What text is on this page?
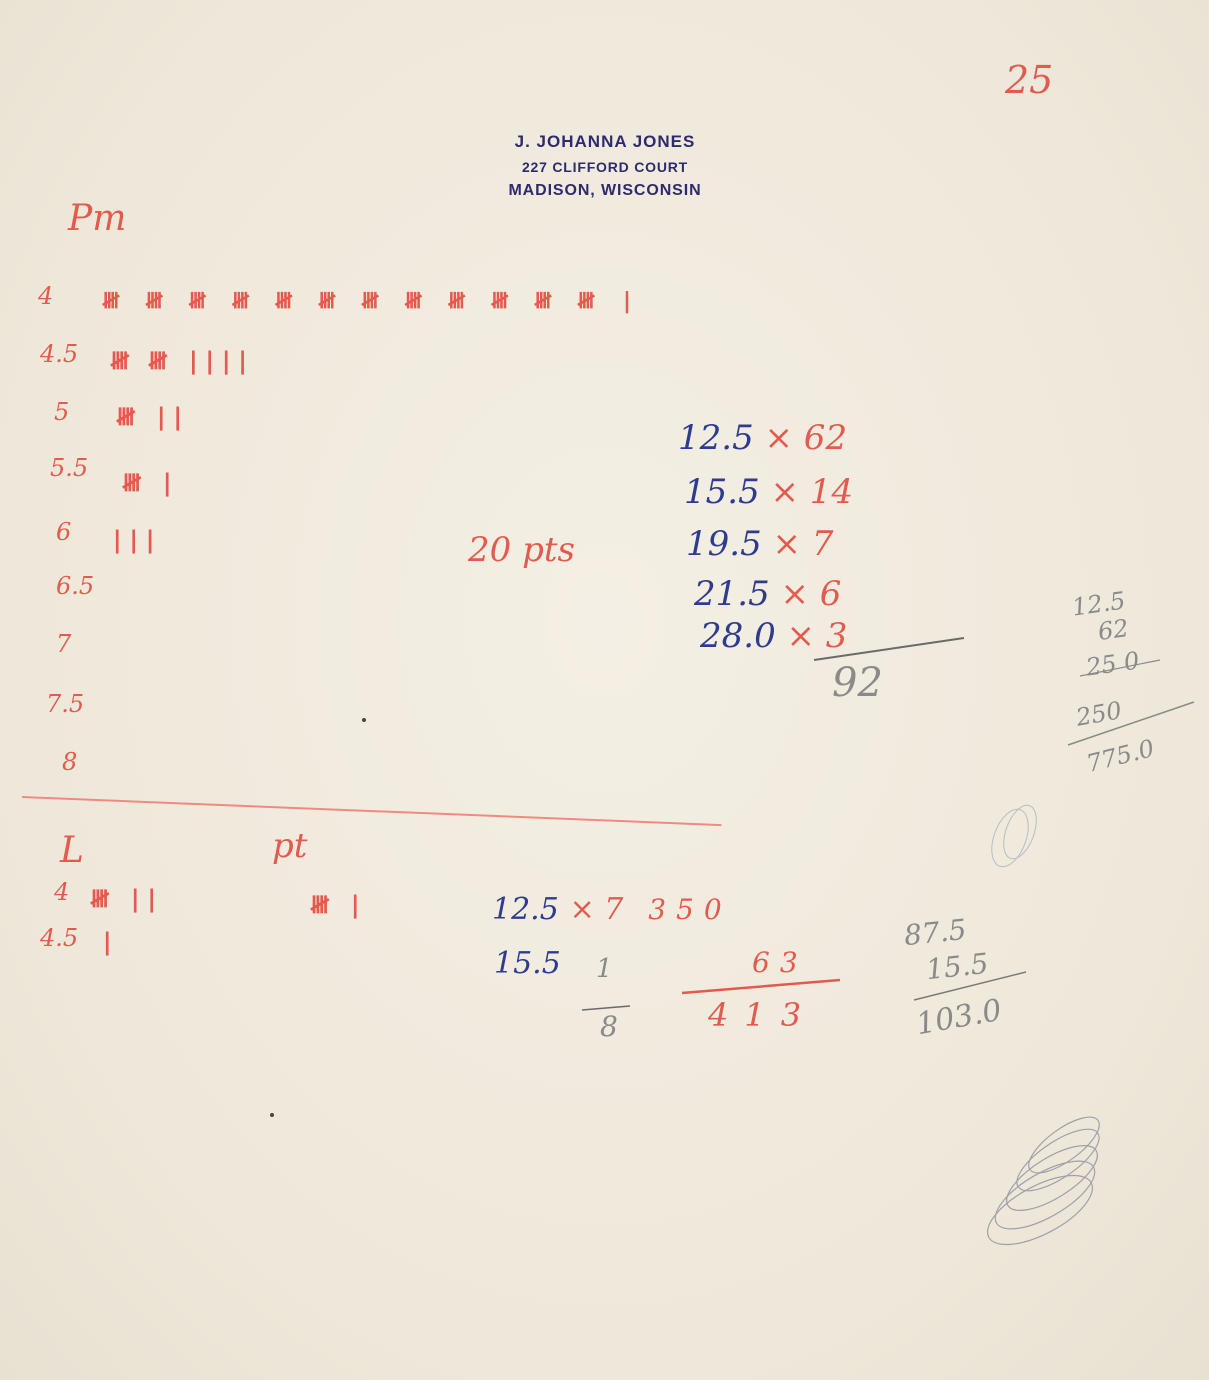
25
J. JOHANNA JONES
227 CLIFFORD COURT
MADISON, WISCONSIN
Pm
4 𝍸 𝍸 𝍸 𝍸 𝍸 𝍸 𝍸 𝍸 𝍸 𝍸 𝍸 𝍸 |
4.5 𝍸 𝍸 ||||
5 𝍸 ||
5.5
𝍸 |
6 |||
6.5
7
7.5
8
20 pts
12.5 × 62
15.5 × 14
19.5 × 7
21.5 × 6
28.0 × 3
92
12.5
62
25 0
250
775.0
L	pt
4 𝍸 ||
4.5 |
𝍸 |	12.5 × 7 350
15.5 1
8
63
413
87.5
15.5
103.0
